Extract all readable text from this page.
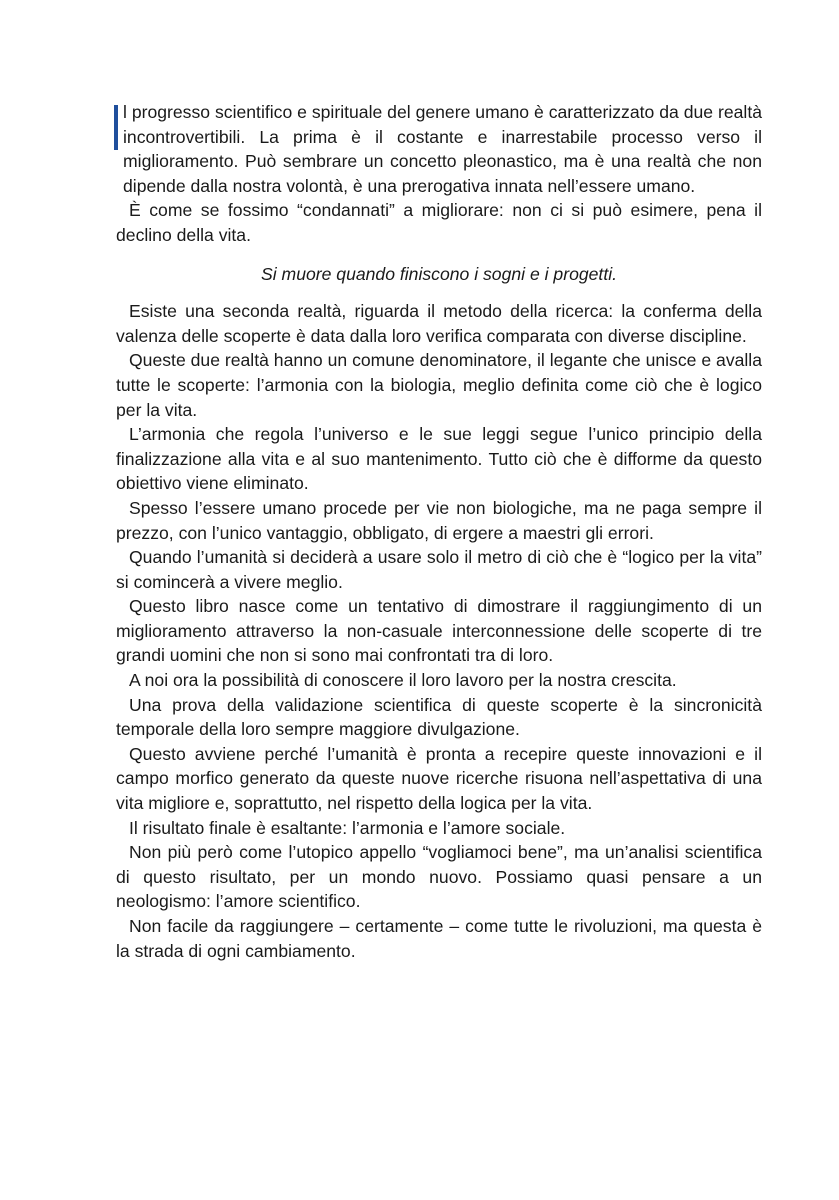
l progresso scientifico e spirituale del genere umano è caratterizzato da due realtà incontrovertibili. La prima è il costante e inarrestabile processo verso il miglioramento. Può sembrare un concetto pleonastico, ma è una realtà che non dipende dalla nostra volontà, è una prerogativa innata nell’essere umano.

È come se fossimo “condannati” a migliorare: non ci si può esimere, pena il declino della vita.

Si muore quando finiscono i sogni e i progetti.

Esiste una seconda realtà, riguarda il metodo della ricerca: la conferma della valenza delle scoperte è data dalla loro verifica comparata con diverse discipline.

Queste due realtà hanno un comune denominatore, il legante che unisce e avalla tutte le scoperte: l’armonia con la biologia, meglio definita come ciò che è logico per la vita.

L’armonia che regola l’universo e le sue leggi segue l’unico principio della finalizzazione alla vita e al suo mantenimento. Tutto ciò che è difforme da questo obiettivo viene eliminato.

Spesso l’essere umano procede per vie non biologiche, ma ne paga sempre il prezzo, con l’unico vantaggio, obbligato, di ergere a maestri gli errori.

Quando l’umanità si deciderà a usare solo il metro di ciò che è “logico per la vita” si comincerà a vivere meglio.

Questo libro nasce come un tentativo di dimostrare il raggiungimento di un miglioramento attraverso la non-casuale interconnessione delle scoperte di tre grandi uomini che non si sono mai confrontati tra di loro.

A noi ora la possibilità di conoscere il loro lavoro per la nostra crescita.

Una prova della validazione scientifica di queste scoperte è la sincronicità temporale della loro sempre maggiore divulgazione.

Questo avviene perché l’umanità è pronta a recepire queste innovazioni e il campo morfico generato da queste nuove ricerche risuona nell’aspettativa di una vita migliore e, soprattutto, nel rispetto della logica per la vita.

Il risultato finale è esaltante: l’armonia e l’amore sociale.

Non più però come l’utopico appello “vogliamoci bene”, ma un’analisi scientifica di questo risultato, per un mondo nuovo. Possiamo quasi pensare a un neologismo: l’amore scientifico.

Non facile da raggiungere – certamente – come tutte le rivoluzioni, ma questa è la strada di ogni cambiamento.
